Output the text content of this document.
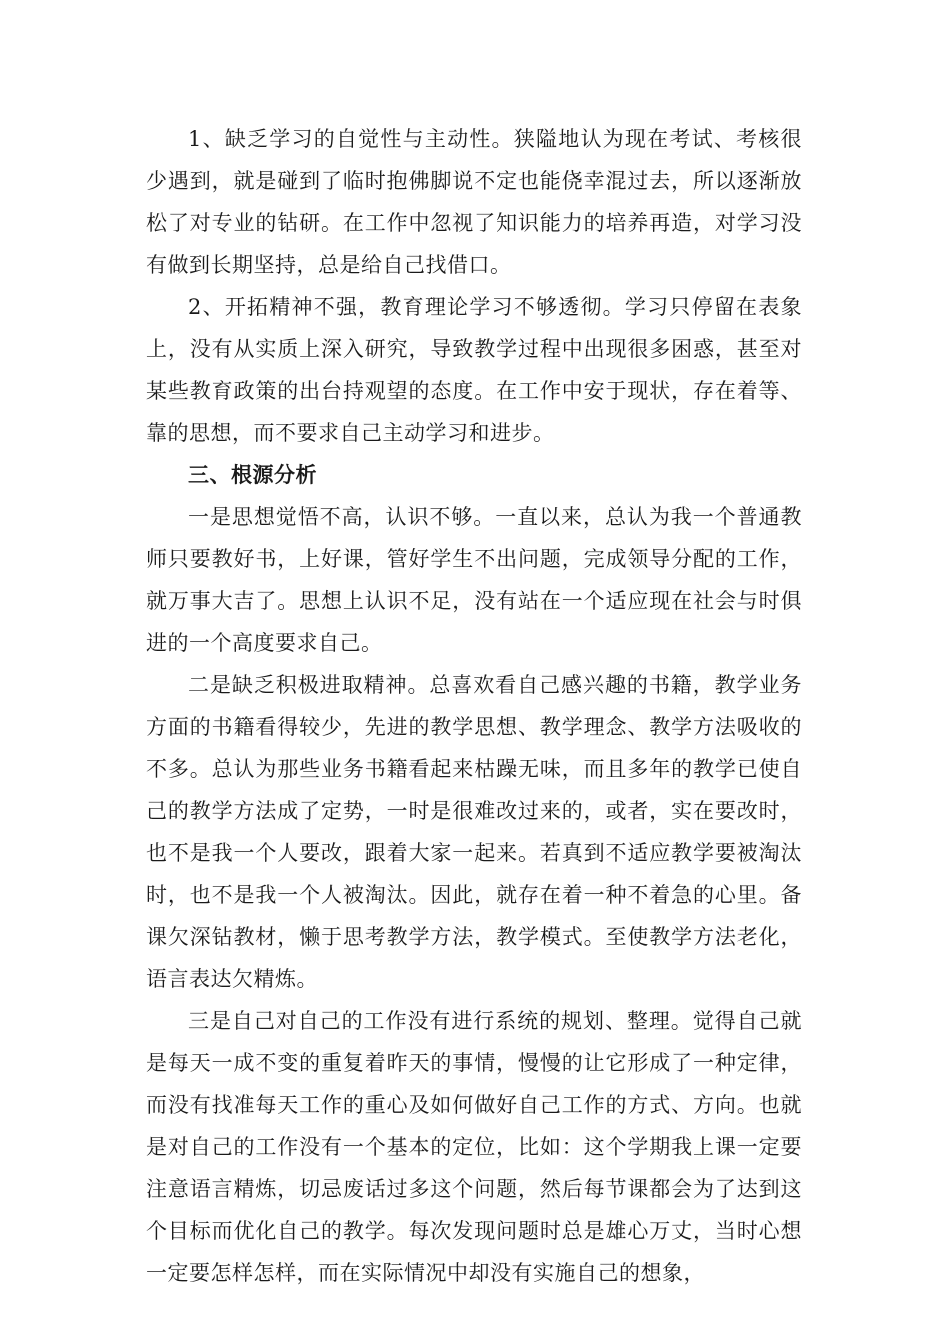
1、缺乏学习的自觉性与主动性。狭隘地认为现在考试、考核很少遇到，就是碰到了临时抱佛脚说不定也能侥幸混过去，所以逐渐放松了对专业的钻研。在工作中忽视了知识能力的培养再造，对学习没有做到长期坚持，总是给自己找借口。

2、开拓精神不强，教育理论学习不够透彻。学习只停留在表象上，没有从实质上深入研究，导致教学过程中出现很多困惑，甚至对某些教育政策的出台持观望的态度。在工作中安于现状，存在着等、靠的思想，而不要求自己主动学习和进步。

三、根源分析

一是思想觉悟不高，认识不够。一直以来，总认为我一个普通教师只要教好书，上好课，管好学生不出问题，完成领导分配的工作，就万事大吉了。思想上认识不足，没有站在一个适应现在社会与时俱进的一个高度要求自己。

二是缺乏积极进取精神。总喜欢看自己感兴趣的书籍，教学业务方面的书籍看得较少，先进的教学思想、教学理念、教学方法吸收的不多。总认为那些业务书籍看起来枯躁无味，而且多年的教学已使自己的教学方法成了定势，一时是很难改过来的，或者，实在要改时，也不是我一个人要改，跟着大家一起来。若真到不适应教学要被淘汰时，也不是我一个人被淘汰。因此，就存在着一种不着急的心里。备课欠深钻教材，懒于思考教学方法，教学模式。至使教学方法老化，语言表达欠精炼。

三是自己对自己的工作没有进行系统的规划、整理。觉得自己就是每天一成不变的重复着昨天的事情，慢慢的让它形成了一种定律，而没有找准每天工作的重心及如何做好自己工作的方式、方向。也就是对自己的工作没有一个基本的定位，比如：这个学期我上课一定要注意语言精炼，切忌废话过多这个问题，然后每节课都会为了达到这个目标而优化自己的教学。每次发现问题时总是雄心万丈，当时心想一定要怎样怎样，而在实际情况中却没有实施自己的想象，
